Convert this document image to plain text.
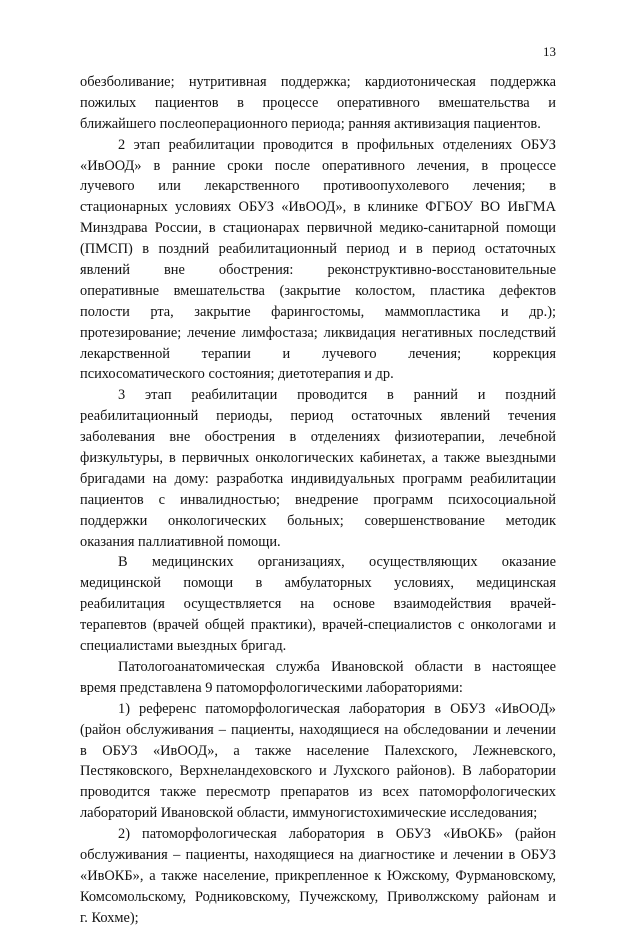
13
обезболивание; нутритивная поддержка; кардиотоническая поддержка
пожилых пациентов в процессе оперативного вмешательства и
ближайшего послеоперационного периода; ранняя активизация пациентов.
2 этап реабилитации проводится в профильных отделениях ОБУЗ
«ИвООД» в ранние сроки после оперативного лечения, в процессе
лучевого или лекарственного противоопухолевого лечения; в
стационарных условиях ОБУЗ «ИвООД», в клинике ФГБОУ ВО ИвГМА
Минздрава России, в стационарах первичной медико-санитарной помощи
(ПМСП) в поздний реабилитационный период и в период остаточных
явлений вне обострения: реконструктивно-восстановительные
оперативные вмешательства (закрытие колостом, пластика дефектов
полости рта, закрытие фарингостомы, маммопластика и др.);
протезирование; лечение лимфостаза; ликвидация негативных последствий
лекарственной терапии и лучевого лечения; коррекция
психосоматического состояния; диетотерапия и др.
3 этап реабилитации проводится в ранний и поздний
реабилитационный периоды, период остаточных явлений течения
заболевания вне обострения в отделениях физиотерапии, лечебной
физкультуры, в первичных онкологических кабинетах, а также выездными
бригадами на дому: разработка индивидуальных программ реабилитации
пациентов с инвалидностью; внедрение программ психосоциальной
поддержки онкологических больных; совершенствование методик
оказания паллиативной помощи.
В медицинских организациях, осуществляющих оказание
медицинской помощи в амбулаторных условиях, медицинская
реабилитация осуществляется на основе взаимодействия врачей-
терапевтов (врачей общей практики), врачей-специалистов с онкологами и
специалистами выездных бригад.
Патологоанатомическая служба Ивановской области в настоящее
время представлена 9 патоморфологическими лабораториями:
1) референс патоморфологическая лаборатория в ОБУЗ «ИвООД»
(район обслуживания – пациенты, находящиеся на обследовании и лечении
в ОБУЗ «ИвООД», а также население Палехского, Лежневского,
Пестяковского, Верхнеландеховского и Лухского районов). В лаборатории
проводится также пересмотр препаратов из всех патоморфологических
лабораторий Ивановской области, иммуногистохимические исследования;
2) патоморфологическая лаборатория в ОБУЗ «ИвОКБ» (район
обслуживания – пациенты, находящиеся на диагностике и лечении в ОБУЗ
«ИвОКБ», а также население, прикрепленное к Южскому, Фурмановскому,
Комсомольскому, Родниковскому, Пучежскому, Приволжскому районам и
г. Кохме);
